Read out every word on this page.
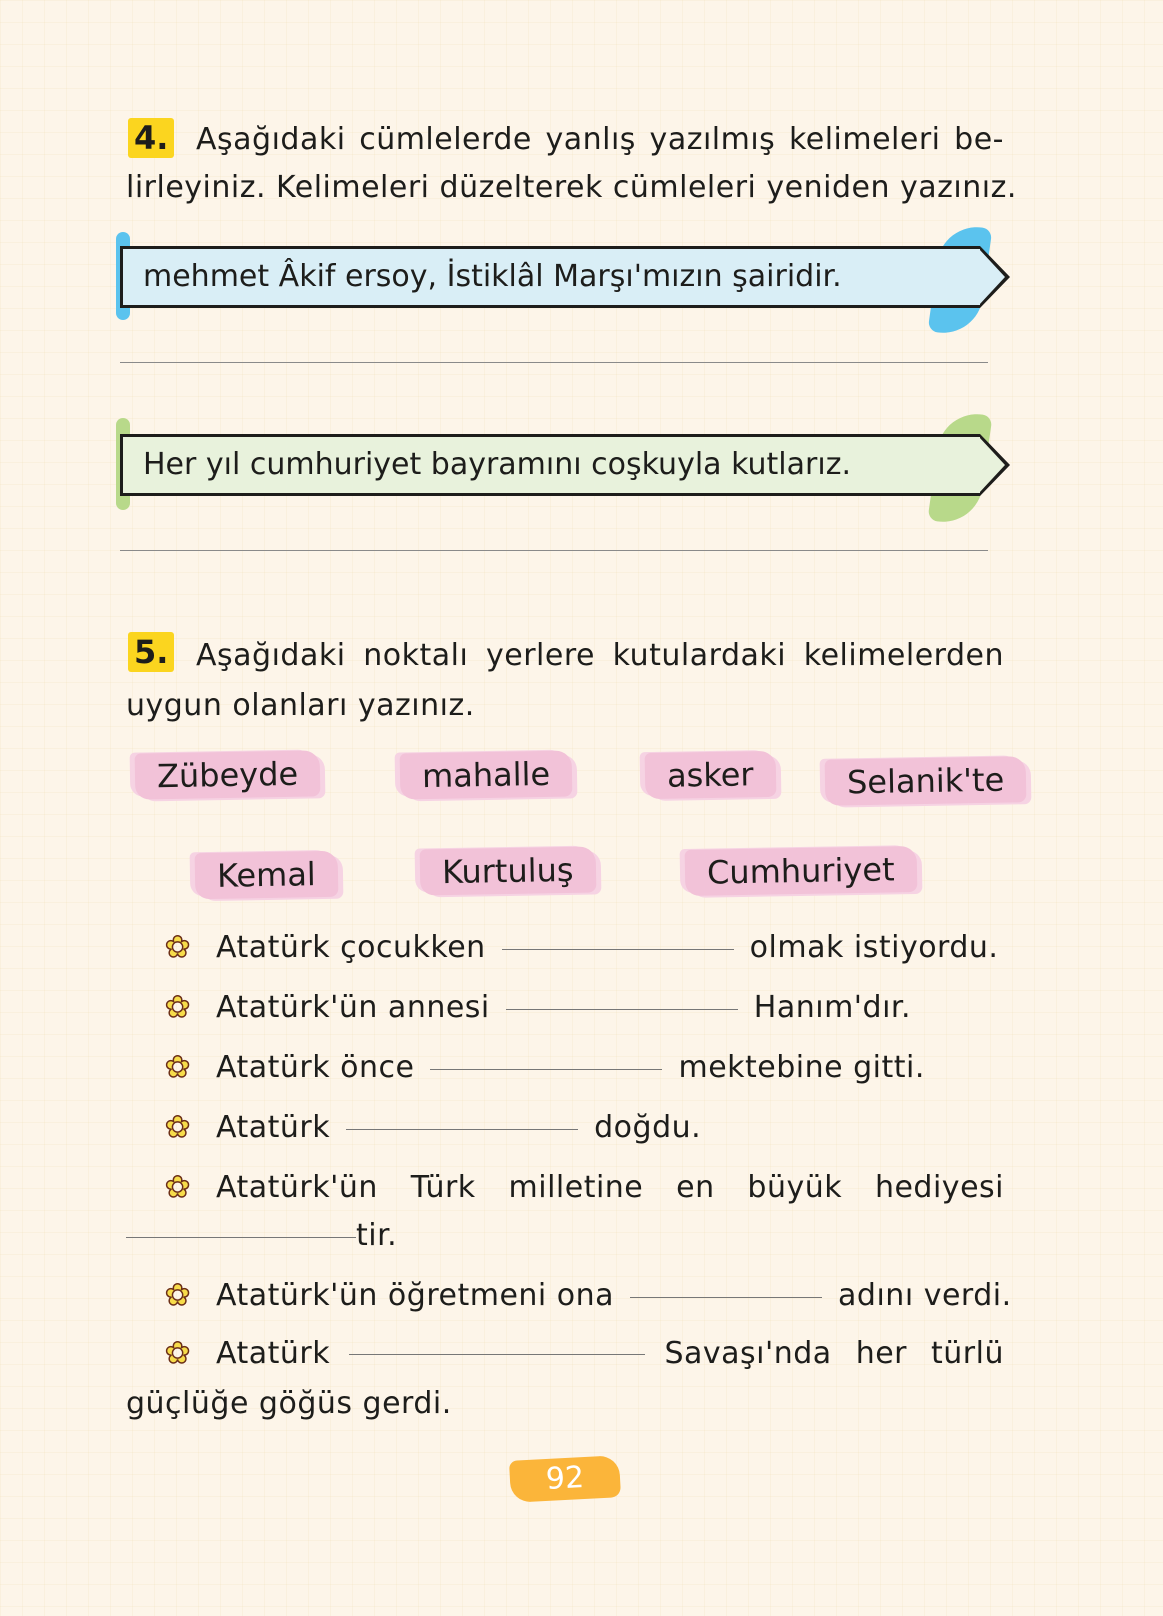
4. Aşağıdaki cümlelerde yanlış yazılmış kelimeleri be-
lirleyiniz. Kelimeleri düzelterek cümleleri yeniden yazınız.
mehmet Âkif ersoy, İstiklâl Marşı'mızın şairidir.
Her yıl cumhuriyet bayramını coşkuyla kutlarız.
5. Aşağıdaki noktalı yerlere kutulardaki kelimelerden
uygun olanları yazınız.
Zübeyde	mahalle	asker	Selanik'te
Kemal	Kurtuluş	Cumhuriyet
✿ Atatürk çocukken	olmak istiyordu.
✿ Atatürk'ün annesi	Hanım'dır.
✿ Atatürk önce	mektebine gitti.
✿ Atatürk	doğdu.
✿ Atatürk'ün Türk milletine en büyük hediyesi
tir.
✿ Atatürk'ün öğretmeni ona	adını verdi.
✿ Atatürk	Savaşı'nda her türlü
güçlüğe göğüs gerdi.
92
